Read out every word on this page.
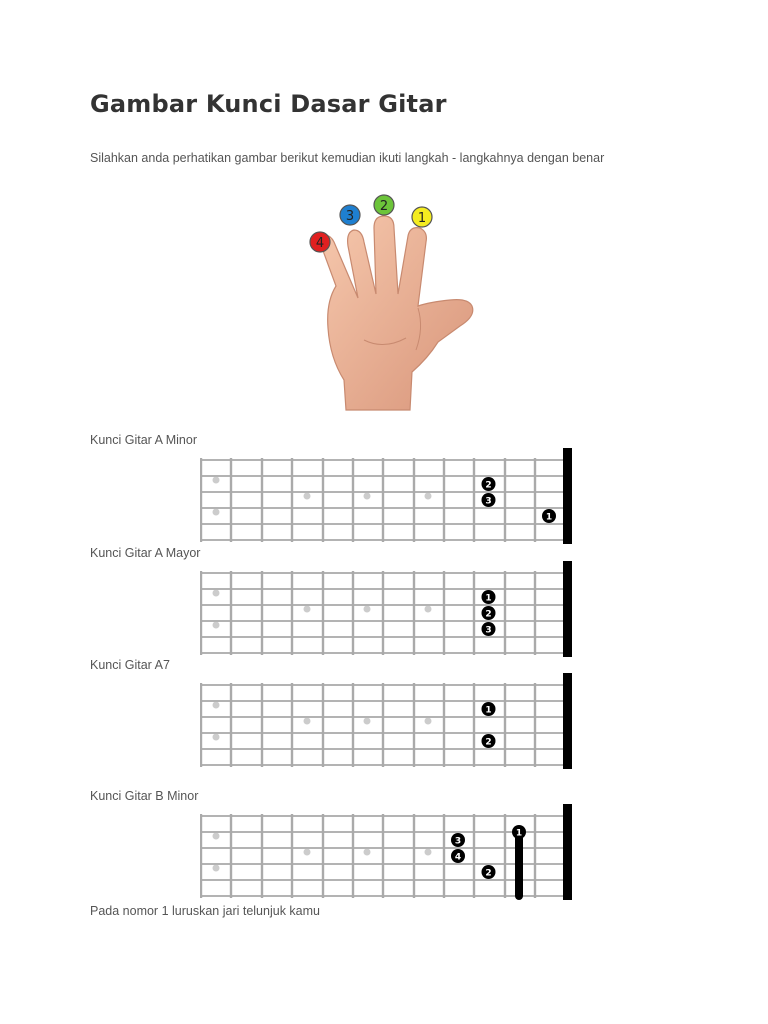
Gambar Kunci Dasar Gitar

Silahkan anda perhatikan gambar berikut kemudian ikuti langkah - langkahnya dengan benar

4
3
2
1

Kunci Gitar A Minor

2
3
1

Kunci Gitar A Mayor

1
2
3

Kunci Gitar A7

1
2

Kunci Gitar B Minor

1
3
4
2

Pada nomor 1 luruskan jari telunjuk kamu
